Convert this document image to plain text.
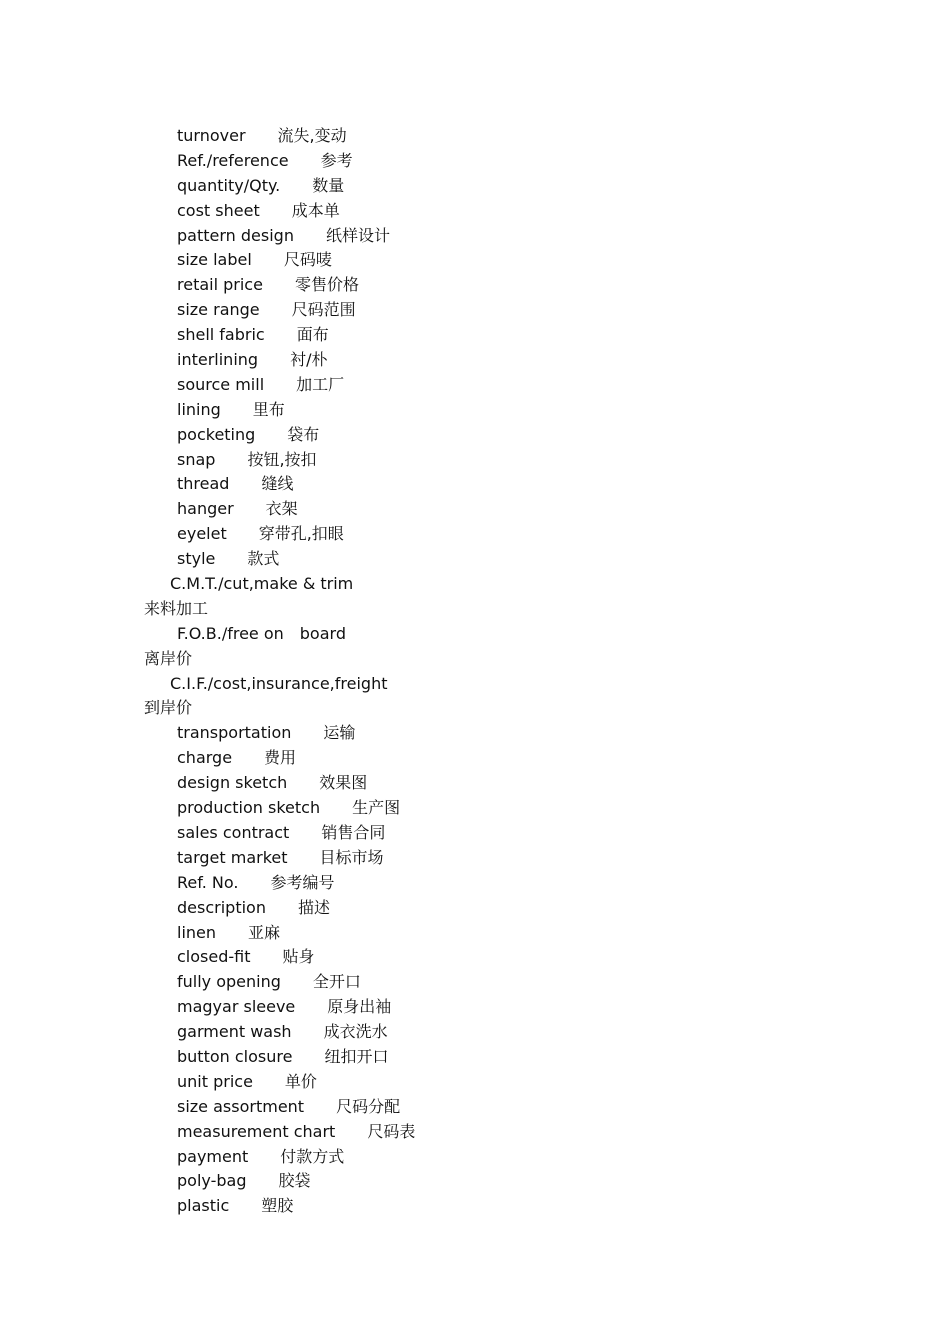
turnover 流失,变动
Ref./reference 参考
quantity/Qty. 数量
cost sheet 成本单
pattern design 纸样设计
size label 尺码唛
retail price 零售价格
size range 尺码范围
shell fabric 面布
interlining 衬/朴
source mill 加工厂
lining 里布
pocketing 袋布
snap 按钮,按扣
thread 缝线
hanger 衣架
eyelet 穿带孔,扣眼
style 款式
C.M.T./cut,make & trim
来料加工
F.O.B./free on board
离岸价
C.I.F./cost,insurance,freight
到岸价
transportation 运输
charge 费用
design sketch 效果图
production sketch 生产图
sales contract 销售合同
target market 目标市场
Ref. No. 参考编号
description 描述
linen 亚麻
closed-fit 贴身
fully opening 全开口
magyar sleeve 原身出袖
garment wash 成衣洗水
button closure 纽扣开口
unit price 单价
size assortment 尺码分配
measurement chart 尺码表
payment 付款方式
poly-bag 胶袋
plastic 塑胶
